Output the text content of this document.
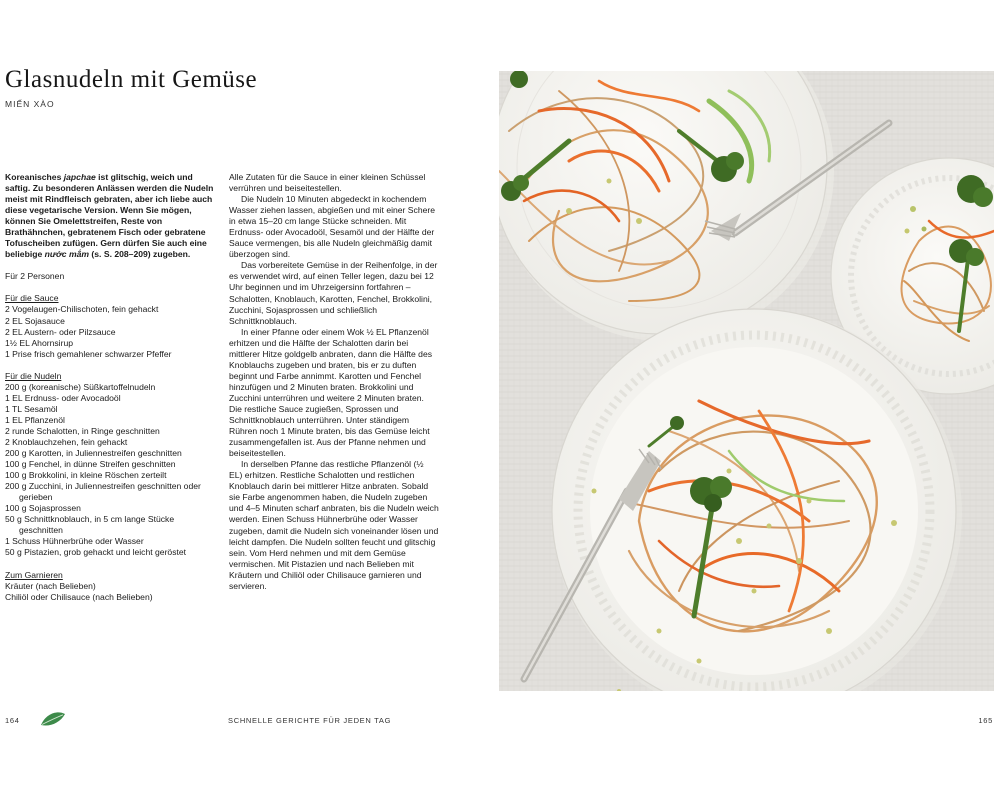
Glasnudeln mit Gemüse
MIẾN XÀO

Koreanisches japchae ist glitschig, weich und saftig. Zu besonderen Anlässen werden die Nudeln meist mit Rindfleisch gebraten, aber ich liebe auch diese vegetarische Version. Wenn Sie mögen, können Sie Omelettstreifen, Reste von Brathähnchen, gebratenem Fisch oder gebratene Tofuscheiben zufügen. Gern dürfen Sie auch eine beliebige nước mắm (s. S. 208–209) zugeben.

Für 2 Personen

Für die Sauce

2 Vogelaugen-Chilischoten, fein gehackt

2 EL Sojasauce

2 EL Austern- oder Pilzsauce

1½ EL Ahornsirup

1 Prise frisch gemahlener schwarzer Pfeffer

Für die Nudeln

200 g (koreanische) Süßkartoffelnudeln

1 EL Erdnuss- oder Avocadoöl

1 TL Sesamöl

1 EL Pflanzenöl

2 runde Schalotten, in Ringe geschnitten

2 Knoblauchzehen, fein gehackt

200 g Karotten, in Juliennestreifen geschnitten

100 g Fenchel, in dünne Streifen geschnitten

100 g Brokkolini, in kleine Röschen zerteilt

200 g Zucchini, in Juliennestreifen geschnitten oder

gerieben

100 g Sojasprossen

50 g Schnittknoblauch, in 5 cm lange Stücke

geschnitten

1 Schuss Hühnerbrühe oder Wasser

50 g Pistazien, grob gehackt und leicht geröstet

Zum Garnieren

Kräuter (nach Belieben)

Chiliöl oder Chilisauce (nach Belieben)

Alle Zutaten für die Sauce in einer kleinen Schüssel verrühren und beiseitestellen.

Die Nudeln 10 Minuten abgedeckt in kochendem Wasser ziehen lassen, abgießen und mit einer Schere in etwa 15–20 cm lange Stücke schneiden. Mit Erdnuss- oder Avocadoöl, Sesamöl und der Hälfte der Sauce vermengen, bis alle Nudeln gleichmäßig damit überzogen sind.

Das vorbereitete Gemüse in der Reihenfolge, in der es verwendet wird, auf einen Teller legen, dazu bei 12 Uhr beginnen und im Uhrzeigersinn fortfahren – Schalotten, Knoblauch, Karotten, Fenchel, Brokkolini, Zucchini, Sojasprossen und schließlich Schnittknoblauch.

In einer Pfanne oder einem Wok ½ EL Pflanzenöl erhitzen und die Hälfte der Schalotten darin bei mittlerer Hitze goldgelb anbraten, dann die Hälfte des Knoblauchs zugeben und braten, bis er zu duften beginnt und Farbe annimmt. Karotten und Fenchel hinzufügen und 2 Minuten braten. Brokkolini und Zucchini unterrühren und weitere 2 Minuten braten. Die restliche Sauce zugießen, Sprossen und Schnittknoblauch unterrühren. Unter ständigem Rühren noch 1 Minute braten, bis das Gemüse leicht zusammengefallen ist. Aus der Pfanne nehmen und beiseitestellen.

In derselben Pfanne das restliche Pflanzenöl (½ EL) erhitzen. Restliche Schalotten und restlichen Knoblauch darin bei mittlerer Hitze anbraten. Sobald sie Farbe angenommen haben, die Nudeln zugeben und 4–5 Minuten scharf anbraten, bis die Nudeln weich werden. Einen Schuss Hühnerbrühe oder Wasser zugeben, damit die Nudeln sich voneinander lösen und leicht dampfen. Die Nudeln sollten feucht und glitschig sein. Vom Herd nehmen und mit dem Gemüse vermischen. Mit Pistazien und nach Belieben mit Kräutern und Chiliöl oder Chilisauce garnieren und servieren.

164	SCHNELLE GERICHTE FÜR JEDEN TAG	165
